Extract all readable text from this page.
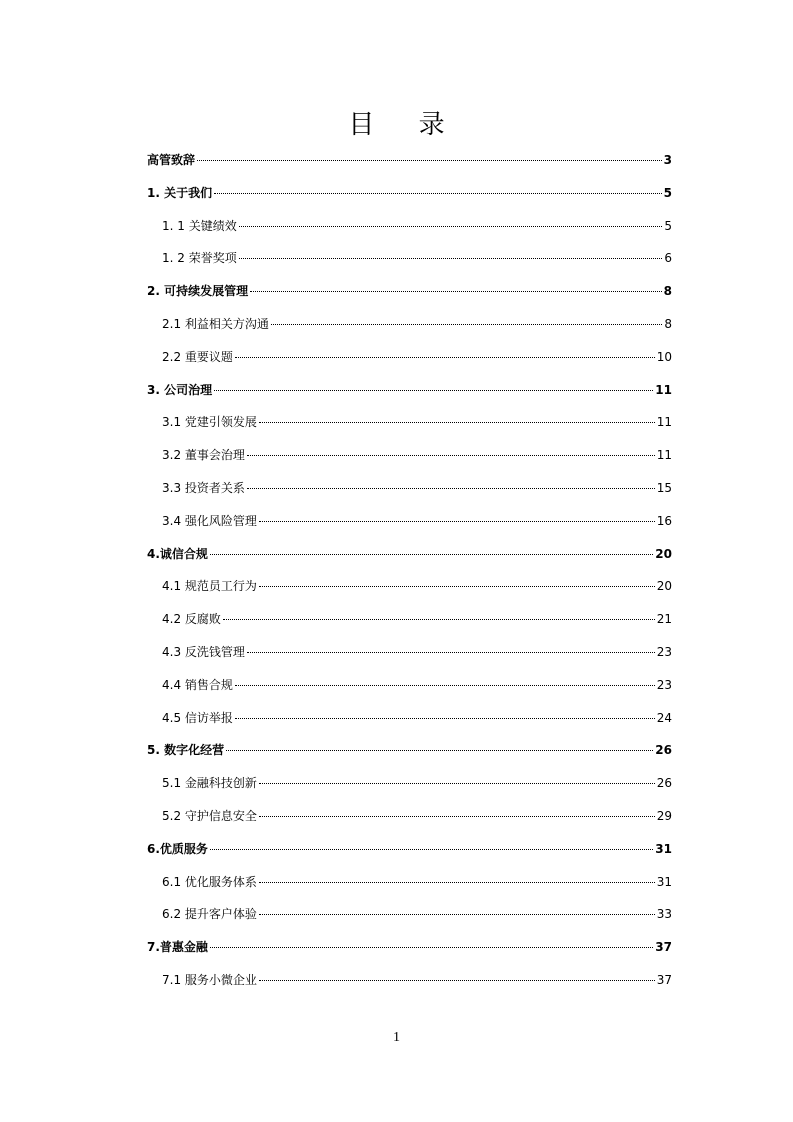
目 录
高管致辞	3
1. 关于我们	5
1. 1 关键绩效	5
1. 2 荣誉奖项	6
2. 可持续发展管理	8
2.1 利益相关方沟通	8
2.2 重要议题	10
3. 公司治理	11
3.1 党建引领发展	11
3.2 董事会治理	11
3.3 投资者关系	15
3.4 强化风险管理	16
4.诚信合规	20
4.1 规范员工行为	20
4.2 反腐败	21
4.3 反洗钱管理	23
4.4 销售合规	23
4.5 信访举报	24
5. 数字化经营	26
5.1 金融科技创新	26
5.2 守护信息安全	29
6.优质服务	31
6.1 优化服务体系	31
6.2 提升客户体验	33
7.普惠金融	37
7.1 服务小微企业	37
1
